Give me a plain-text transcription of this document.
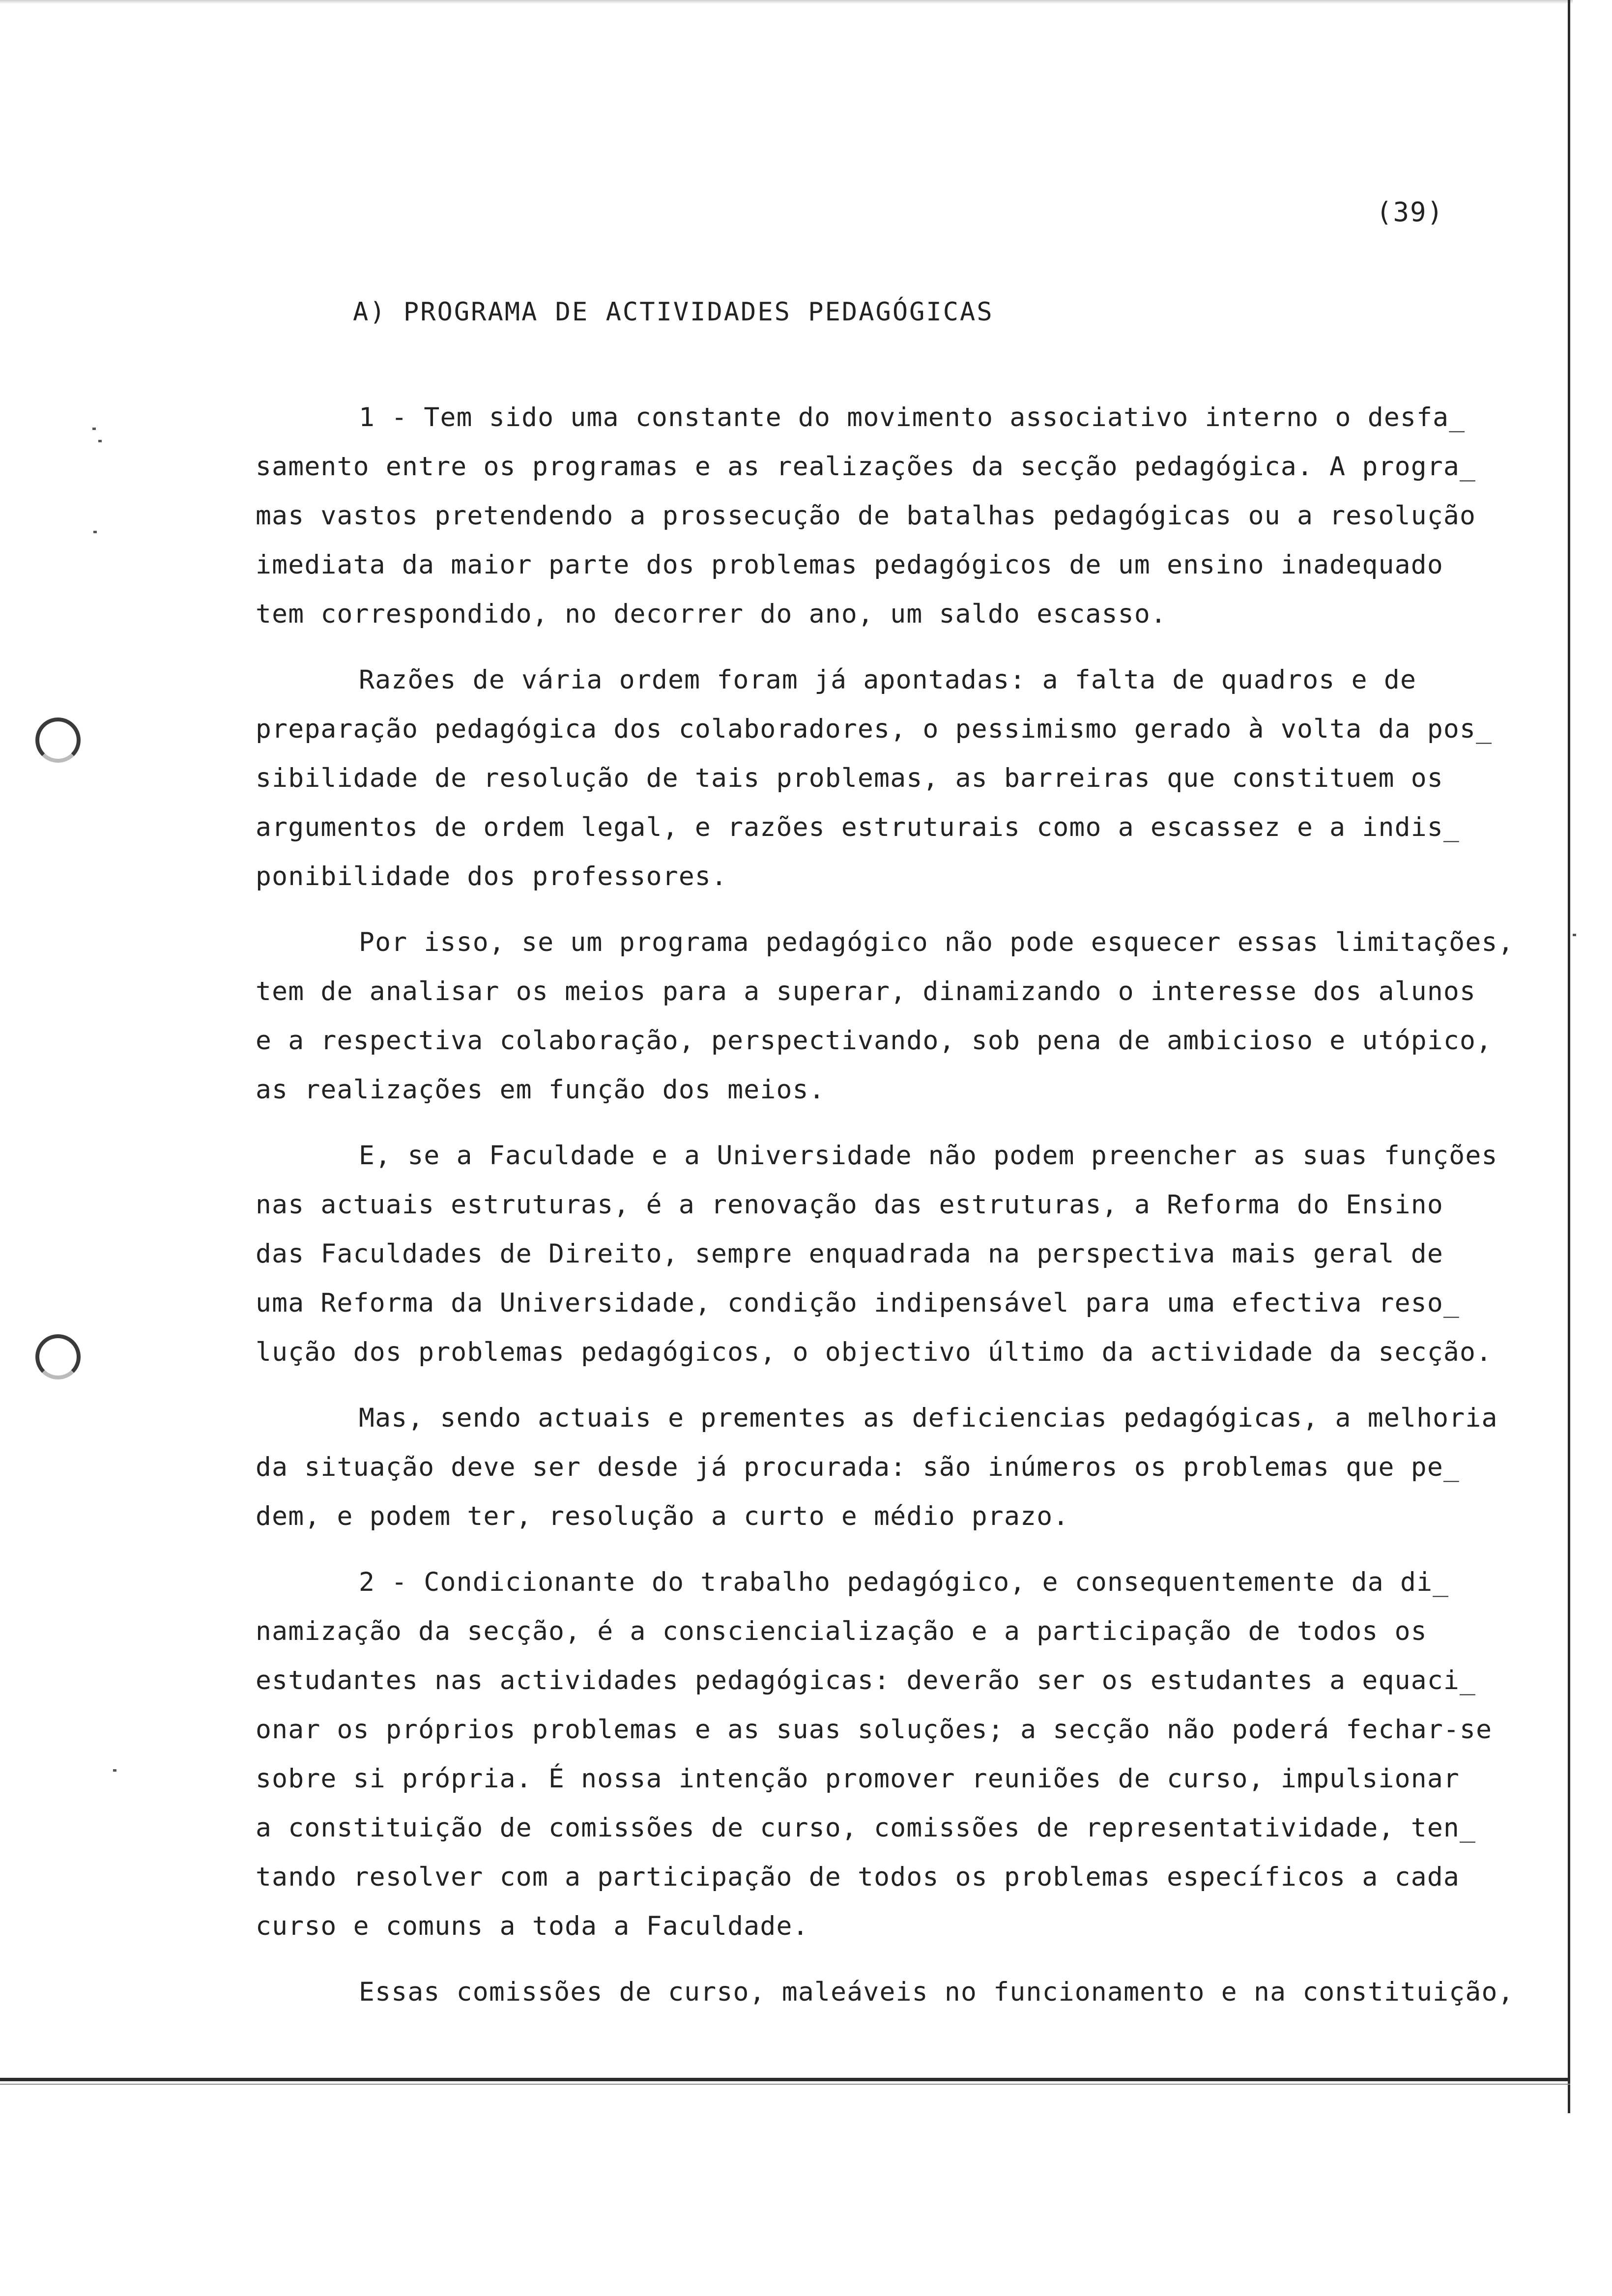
(39)
A) PROGRAMA DE ACTIVIDADES PEDAGÓGICAS
1 - Tem sido uma constante do movimento associativo interno o desfa_
samento entre os programas e as realizações da secção pedagógica. A progra_
mas vastos pretendendo a prossecução de batalhas pedagógicas ou a resolução
imediata da maior parte dos problemas pedagógicos de um ensino inadequado
tem correspondido, no decorrer do ano, um saldo escasso.
Razões de vária ordem foram já apontadas: a falta de quadros e de
preparação pedagógica dos colaboradores, o pessimismo gerado à volta da pos_
sibilidade de resolução de tais problemas, as barreiras que constituem os
argumentos de ordem legal, e razões estruturais como a escassez e a indis_
ponibilidade dos professores.
Por isso, se um programa pedagógico não pode esquecer essas limitações,
tem de analisar os meios para a superar, dinamizando o interesse dos alunos
e a respectiva colaboração, perspectivando, sob pena de ambicioso e utópico,
as realizações em função dos meios.
E, se a Faculdade e a Universidade não podem preencher as suas funções
nas actuais estruturas, é a renovação das estruturas, a Reforma do Ensino
das Faculdades de Direito, sempre enquadrada na perspectiva mais geral de
uma Reforma da Universidade, condição indipensável para uma efectiva reso_
lução dos problemas pedagógicos, o objectivo último da actividade da secção.
Mas, sendo actuais e prementes as deficiencias pedagógicas, a melhoria
da situação deve ser desde já procurada: são inúmeros os problemas que pe_
dem, e podem ter, resolução a curto e médio prazo.
2 - Condicionante do trabalho pedagógico, e consequentemente da di_
namização da secção, é a consciencialização e a participação de todos os
estudantes nas actividades pedagógicas: deverão ser os estudantes a equaci_
onar os próprios problemas e as suas soluções; a secção não poderá fechar-se
sobre si própria. É nossa intenção promover reuniões de curso, impulsionar
a constituição de comissões de curso, comissões de representatividade, ten_
tando resolver com a participação de todos os problemas específicos a cada
curso e comuns a toda a Faculdade.
Essas comissões de curso, maleáveis no funcionamento e na constituição,
